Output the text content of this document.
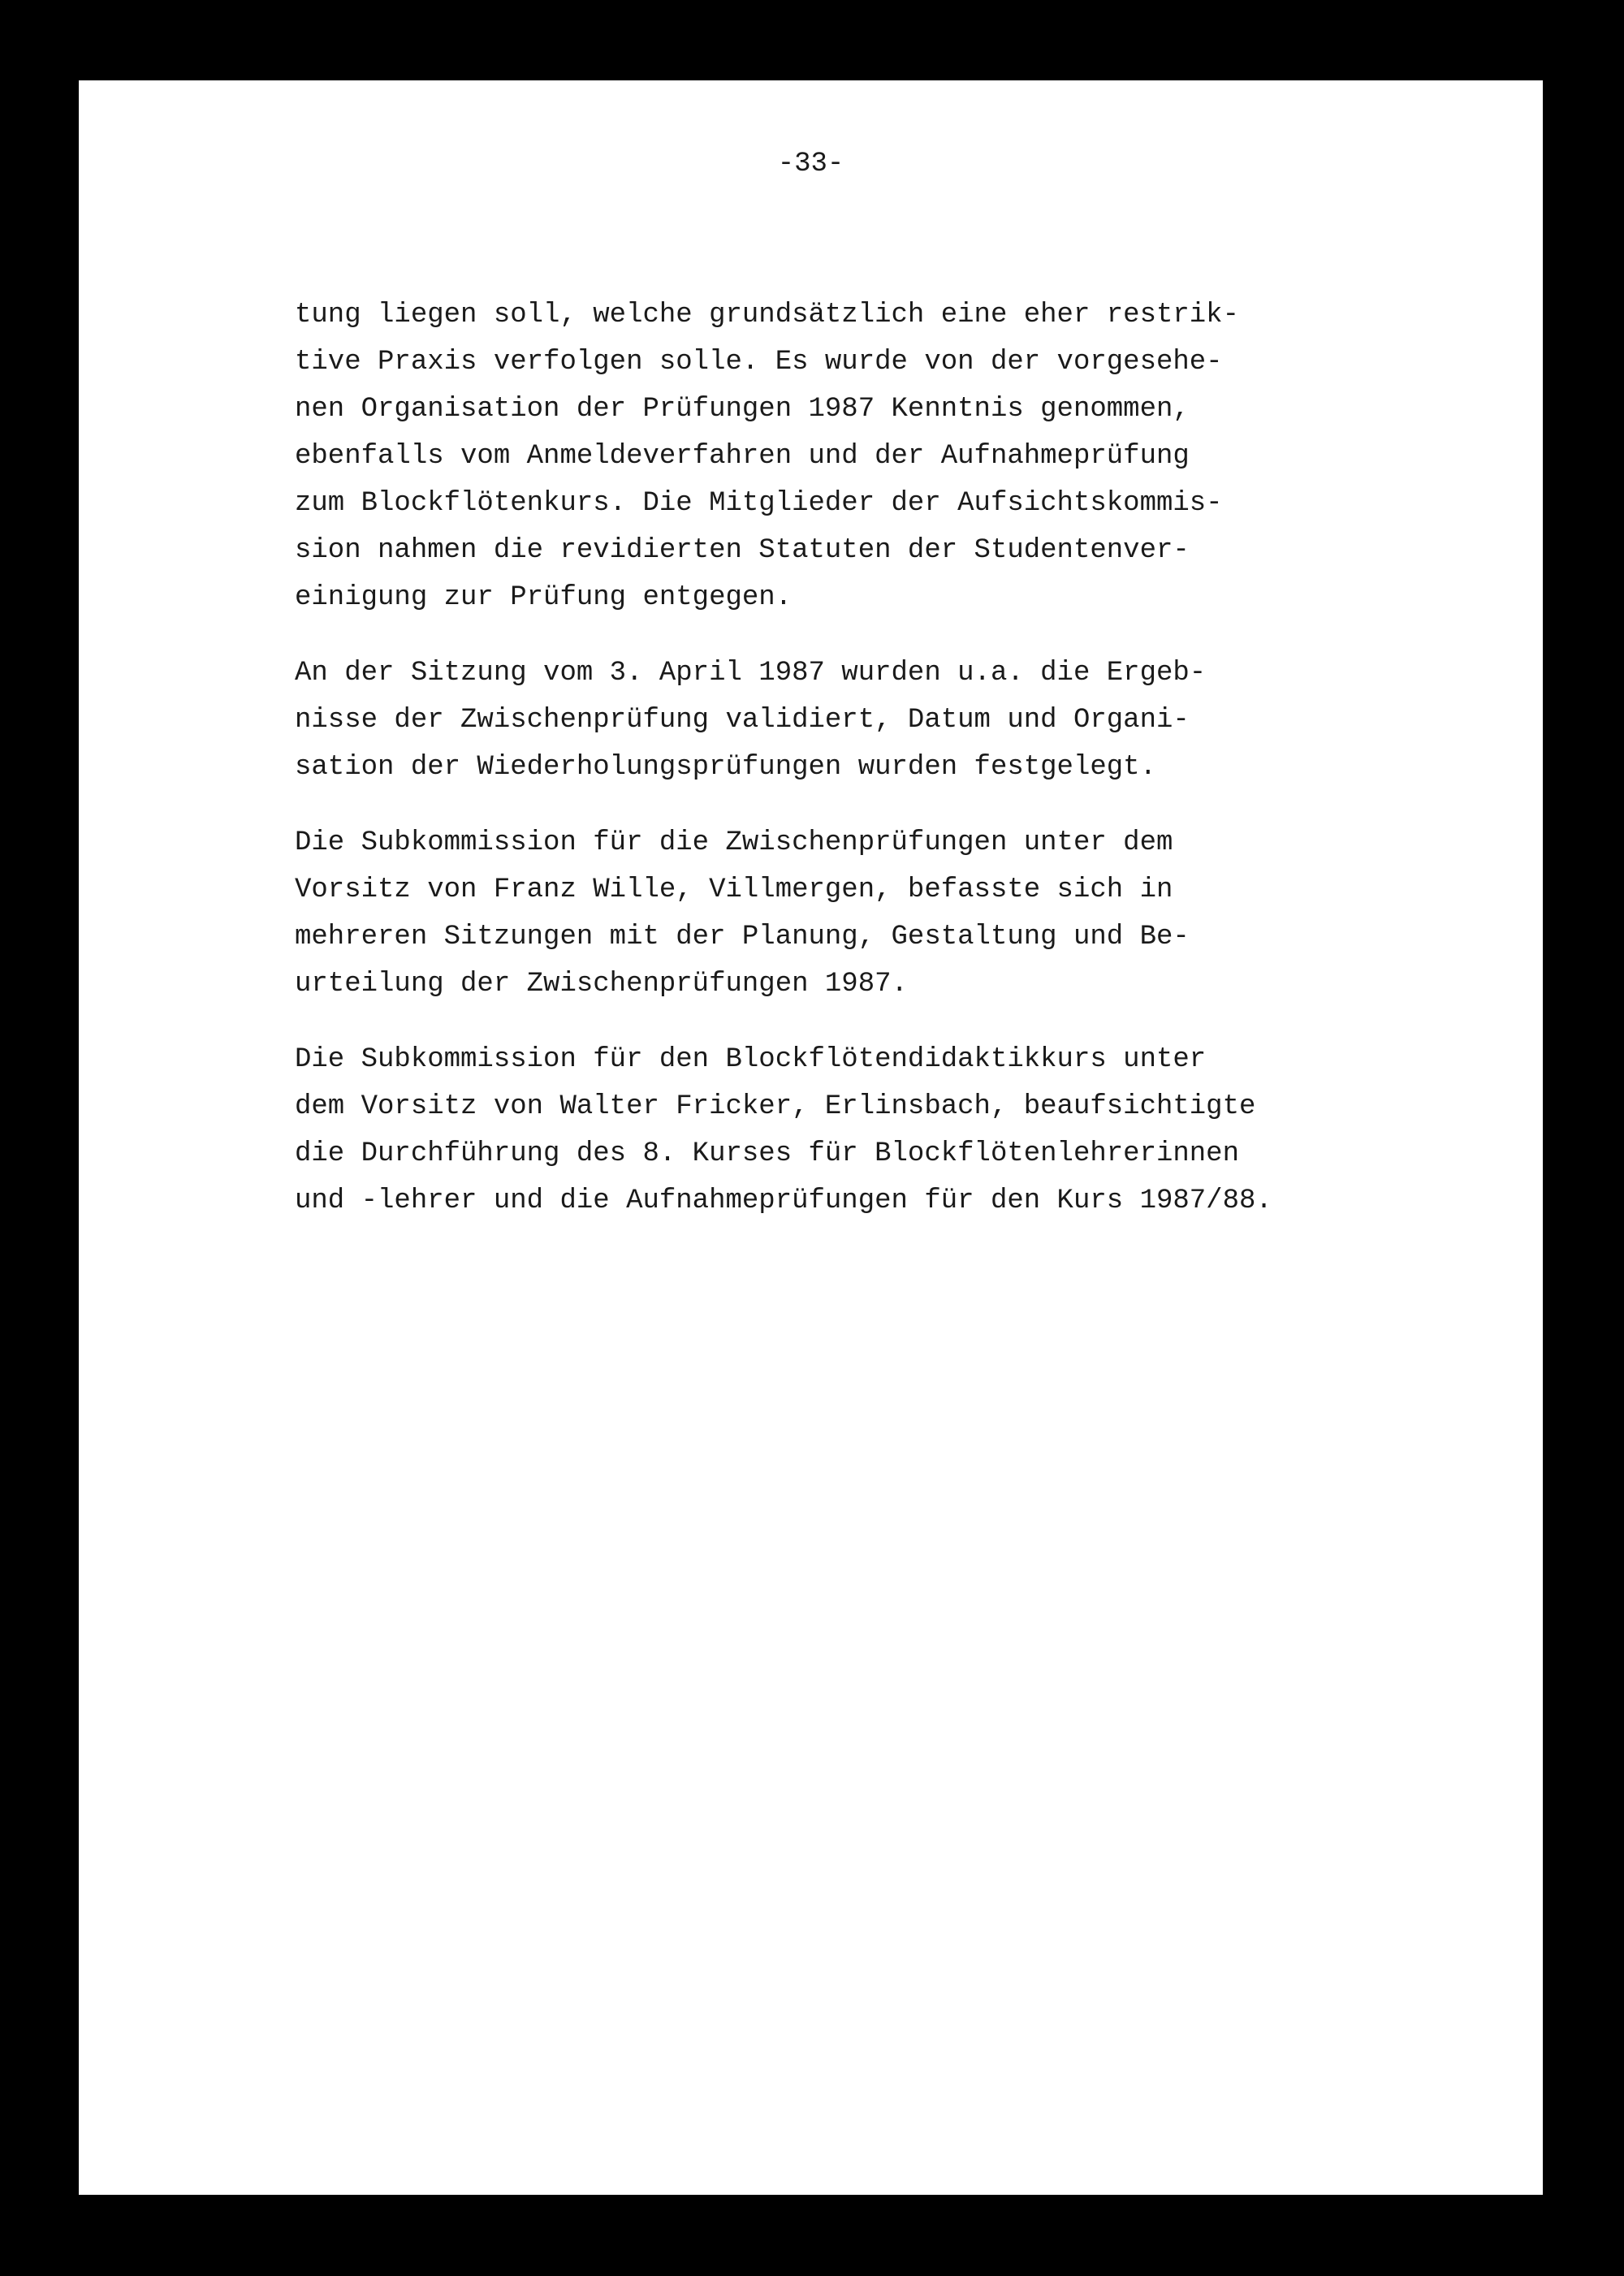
-33-

tung liegen soll, welche grundsätzlich eine eher restrik-
tive Praxis verfolgen solle. Es wurde von der vorgesehe-
nen Organisation der Prüfungen 1987 Kenntnis genommen,
ebenfalls vom Anmeldeverfahren und der Aufnahmeprüfung
zum Blockflötenkurs. Die Mitglieder der Aufsichtskommis-
sion nahmen die revidierten Statuten der Studentenver-
einigung zur Prüfung entgegen.

An der Sitzung vom 3. April 1987 wurden u.a. die Ergeb-
nisse der Zwischenprüfung validiert, Datum und Organi-
sation der Wiederholungsprüfungen wurden festgelegt.

Die Subkommission für die Zwischenprüfungen unter dem
Vorsitz von Franz Wille, Villmergen, befasste sich in
mehreren Sitzungen mit der Planung, Gestaltung und Be-
urteilung der Zwischenprüfungen 1987.

Die Subkommission für den Blockflötendidaktikkurs unter
dem Vorsitz von Walter Fricker, Erlinsbach, beaufsichtigte
die Durchführung des 8. Kurses für Blockflötenlehrerinnen
und -lehrer und die Aufnahmeprüfungen für den Kurs 1987/88.
